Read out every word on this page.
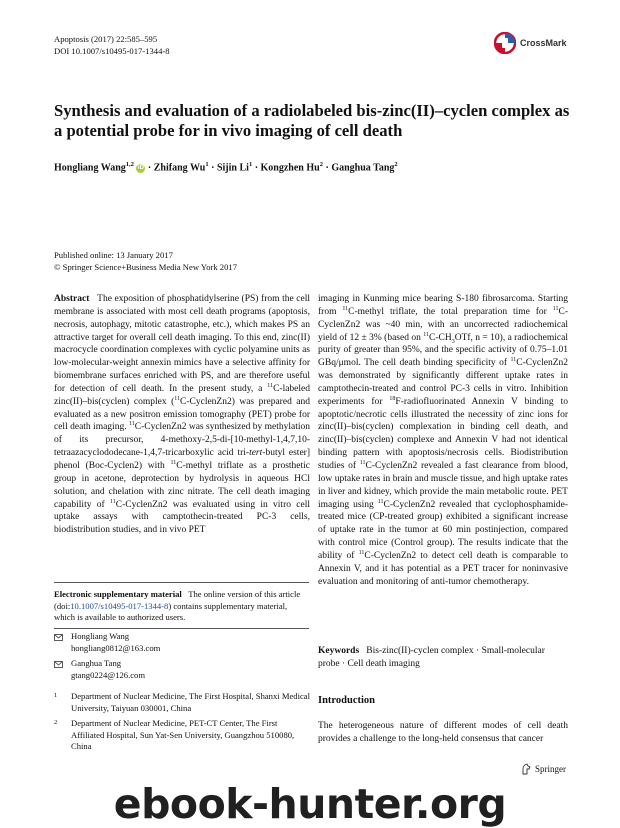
Apoptosis (2017) 22:585–595
DOI 10.1007/s10495-017-1344-8
CrossMark
Synthesis and evaluation of a radiolabeled bis-zinc(II)–cyclen complex as a potential probe for in vivo imaging of cell death
Hongliang Wang$^{1,2}$ iD · Zhifang $Wu^1$ · Sijin $Li^1$ · Kongzhen $Hu^2$ · Ganghua Tang$^2$
Published online: 13 January 2017
© Springer Science+Business Media New York 2017

Abstract The exposition of phosphatidylserine (PS) from the cell membrane is associated with most cell death programs (apoptosis, necrosis, autophagy, mitotic catastrophe, etc.), which makes PS an attractive target for overall cell death imaging. To this end, zinc(II) macrocycle coordination complexes with cyclic polyamine units as low-molecular-weight annexin mimics have a selective affinity for biomembrane surfaces enriched with PS, and are therefore useful for detection of cell death. In the present study, a $^{11}$C-labeled zinc(II)–bis(cyclen) complex ($^{11}$C-CyclenZn2) was prepared and evaluated as a new positron emission tomography (PET) probe for cell death imaging. $^{11}$C-CyclenZn2 was synthesized by methylation of its precursor, 4-methoxy-2,5-di-[10-methyl-1,4,7,10-tetraazacyclododecane-1,4,7-tricarboxylic acid tri-tert-butyl ester] phenol (Boc-Cyclen2) with $^{11}$C-methyl triflate as a prosthetic group in acetone, deprotection by hydrolysis in aqueous HCl solution, and chelation with zinc nitrate. The cell death imaging capability of $^{11}$C-CyclenZn2 was evaluated using in vitro cell uptake assays with camptothecin-treated PC-3 cells, biodistribution studies, and in vivo PET

imaging in Kunming mice bearing S-180 fibrosarcoma. Starting from $^{11}$C-methyl triflate, the total preparation time for $^{11}$C-CyclenZn2 was ~40 min, with an uncorrected radiochemical yield of 12 ± 3% (based on $^{11}C-CH_3OTf$, n = 10), a radiochemical purity of greater than 95%, and the specific activity of 0.75–1.01 GBq/μmol. The cell death binding specificity of $^{11}$C-CyclenZn2 was demonstrated by significantly different uptake rates in camptothecin-treated and control PC-3 cells in vitro. Inhibition experiments for $^{18}$F-radiofluorinated Annexin V binding to apoptotic/necrotic cells illustrated the necessity of zinc ions for zinc(II)–bis(cyclen) complexation in binding cell death, and zinc(II)–bis(cyclen) complexe and Annexin V had not identical binding pattern with apoptosis/necrosis cells. Biodistribution studies of $^{11}$C-CyclenZn2 revealed a fast clearance from blood, low uptake rates in brain and muscle tissue, and high uptake rates in liver and kidney, which provide the main metabolic route. PET imaging using $^{11}$C-CyclenZn2 revealed that cyclophosphamide-treated mice (CP-treated group) exhibited a significant increase of uptake rate in the tumor at 60 min postinjection, compared with control mice (Control group). The results indicate that the ability of $^{11}$C-CyclenZn2 to detect cell death is comparable to Annexin V, and it has potential as a PET tracer for noninvasive evaluation and monitoring of anti-tumor chemotherapy.

Electronic supplementary material The online version of this article (doi:10.1007/s10495-017-1344-8) contains supplementary material, which is available to authorized users.
Hongliang Wang
hongliang0812@163.com
Ganghua Tang
gtang0224@126.com
1	Department of Nuclear Medicine, The First Hospital, Shanxi Medical University, Taiyuan 030001, China
2	Department of Nuclear Medicine, PET-CT Center, The First Affiliated Hospital, Sun Yat-Sen University, Guangzhou 510080, China
Keywords Bis-zinc(II)-cyclen complex · Small-molecular probe · Cell death imaging
Introduction
The heterogeneous nature of different modes of cell death provides a challenge to the long-held consensus that cancer
Springer
ebook-hunter.org
